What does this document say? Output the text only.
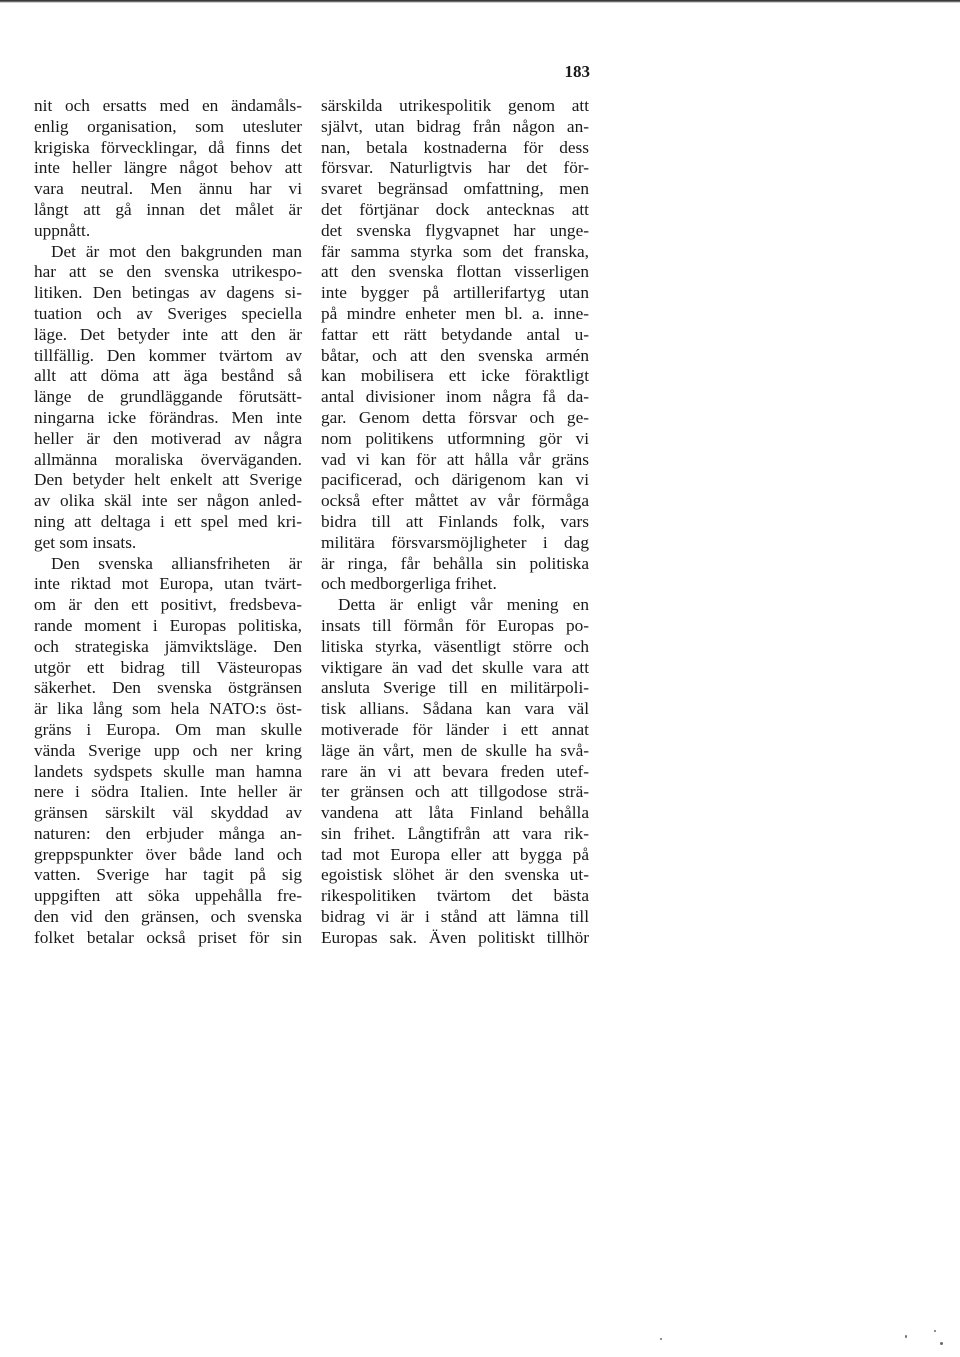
183
nit och ersatts med en ändamåls-
enlig organisation, som utesluter
krigiska förvecklingar, då finns det
inte heller längre något behov att
vara neutral. Men ännu har vi
långt att gå innan det målet är
uppnått.
Det är mot den bakgrunden man
har att se den svenska utrikespo-
litiken. Den betingas av dagens si-
tuation och av Sveriges speciella
läge. Det betyder inte att den är
tillfällig. Den kommer tvärtom av
allt att döma att äga bestånd så
länge de grundläggande förutsätt-
ningarna icke förändras. Men inte
heller är den motiverad av några
allmänna moraliska överväganden.
Den betyder helt enkelt att Sverige
av olika skäl inte ser någon anled-
ning att deltaga i ett spel med kri-
get som insats.
Den svenska alliansfriheten är
inte riktad mot Europa, utan tvärt-
om är den ett positivt, fredsbeva-
rande moment i Europas politiska,
och strategiska jämviktsläge. Den
utgör ett bidrag till Västeuropas
säkerhet. Den svenska östgränsen
är lika lång som hela NATO:s öst-
gräns i Europa. Om man skulle
vända Sverige upp och ner kring
landets sydspets skulle man hamna
nere i södra Italien. Inte heller är
gränsen särskilt väl skyddad av
naturen: den erbjuder många an-
greppspunkter över både land och
vatten. Sverige har tagit på sig
uppgiften att söka uppehålla fre-
den vid den gränsen, och svenska
folket betalar också priset för sin
särskilda utrikespolitik genom att
självt, utan bidrag från någon an-
nan, betala kostnaderna för dess
försvar. Naturligtvis har det för-
svaret begränsad omfattning, men
det förtjänar dock antecknas att
det svenska flygvapnet har unge-
fär samma styrka som det franska,
att den svenska flottan visserligen
inte bygger på artillerifartyg utan
på mindre enheter men bl. a. inne-
fattar ett rätt betydande antal u-
båtar, och att den svenska armén
kan mobilisera ett icke föraktligt
antal divisioner inom några få da-
gar. Genom detta försvar och ge-
nom politikens utformning gör vi
vad vi kan för att hålla vår gräns
pacificerad, och därigenom kan vi
också efter måttet av vår förmåga
bidra till att Finlands folk, vars
militära försvarsmöjligheter i dag
är ringa, får behålla sin politiska
och medborgerliga frihet.
Detta är enligt vår mening en
insats till förmån för Europas po-
litiska styrka, väsentligt större och
viktigare än vad det skulle vara att
ansluta Sverige till en militärpoli-
tisk allians. Sådana kan vara väl
motiverade för länder i ett annat
läge än vårt, men de skulle ha svå-
rare än vi att bevara freden utef-
ter gränsen och att tillgodose strä-
vandena att låta Finland behålla
sin frihet. Långtifrån att vara rik-
tad mot Europa eller att bygga på
egoistisk slöhet är den svenska ut-
rikespolitiken tvärtom det bästa
bidrag vi är i stånd att lämna till
Europas sak. Även politiskt tillhör
